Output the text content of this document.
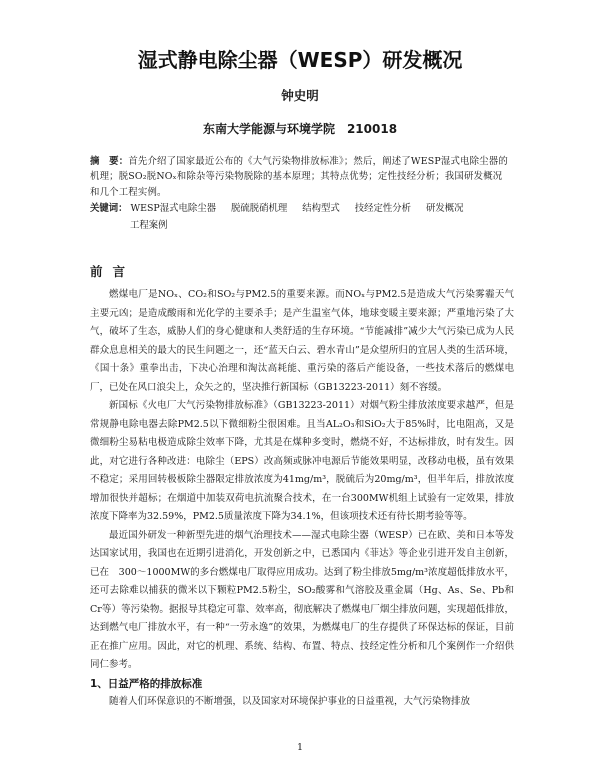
湿式静电除尘器（WESP）研发概况
钟史明
东南大学能源与环境学院 210018
摘　要：首先介绍了国家最近公布的《大气污染物排放标准》；然后，阐述了WESP湿式电除尘器的机理；脱SO₂脱NOₓ和除杂等污染物脱除的基本原理；其特点优势；定性技经分析；我国研发概况和几个工程实例。
关键词： WESP湿式电除尘器 脱硫脱硝机理 结构型式 技经定性分析 研发概况
工程案例
前言

燃煤电厂是NOₓ、CO₂和SO₂与PM2.5的重要来源。而NOₓ与PM2.5是造成大气污染雾霾天气主要元凶；是造成酸雨和光化学的主要杀手；是产生温室气体，地球变暖主要来源；严重地污染了大气，破坏了生态，威胁人们的身心健康和人类舒适的生存环境。“节能减排”减少大气污染已成为人民群众息息相关的最大的民生问题之一，还“蓝天白云、碧水青山”是众望所归的宜居人类的生活环境，《国十条》重拳出击，下决心治理和淘汰高耗能、重污染的落后产能设备，一些技术落后的燃煤电厂，已处在风口浪尖上，众矢之的，坚决推行新国标（GB13223-2011）刻不容缓。

新国标《火电厂大气污染物排放标准》（GB13223-2011）对烟气粉尘排放浓度要求越严，但是常规静电除电器去除PM2.5以下微细粉尘很困难。且当AL₂O₃和SiO₂大于85%时，比电阻高，又是微细粉尘易粘电极造成除尘效率下降，尤其是在煤种多变时，燃烧不好，不达标排放，时有发生。因此，对它进行各种改进：电除尘（EPS）改高频或脉冲电源后节能效果明显，改移动电极，虽有效果不稳定；采用回转极板除尘器限定排放浓度为41mg/m³，脱硫后为20mg/m³，但半年后，排放浓度增加很快并超标；在烟道中加装双荷电抗流聚合技术，在一台300MW机组上试验有一定效果，排放浓度下降率为32.59%，PM2.5质量浓度下降为34.1%，但该项技术还有待长期考验等等。

最近国外研发一种新型先进的烟气治理技术——湿式电除尘器（WESP）已在欧、美和日本等发达国家试用，我国也在近期引进消化，开发创新之中，已悉国内《菲达》等企业引进开发自主创新，已在　300～1000MW的多台燃煤电厂取得应用成功。达到了粉尘排放5mg/m³浓度超低排放水平，还可去除难以捕获的微米以下颗粒PM2.5粉尘，SO₂酸雾和气溶胶及重金属（Hg、As、Se、Pb和Cr等）等污染物。据报导其稳定可靠、效率高，彻底解决了燃煤电厂烟尘排放问题，实现超低排放，达到燃气电厂排放水平，有一种“一劳永逸”的效果，为燃煤电厂的生存提供了环保达标的保证，目前正在推广应用。因此，对它的机理、系统、结构、布置、特点、技经定性分析和几个案例作一介绍供同仁参考。

1、日益严格的排放标准

随着人们环保意识的不断增强，以及国家对环境保护事业的日益重视，大气污染物排放

1
